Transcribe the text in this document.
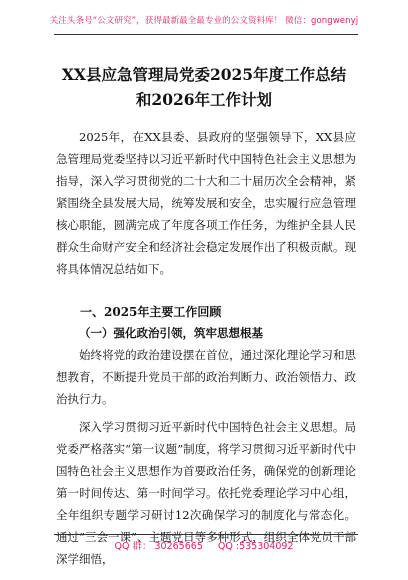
关注头条号“公文研究”，获得最新最全最专业的公文资料库！ 微信：gongwenyj
XX县应急管理局党委2025年度工作总结
和2026年工作计划
2025年，在XX县委、县政府的坚强领导下，XX县应急管理局党委坚持以习近平新时代中国特色社会主义思想为指导，深入学习贯彻党的二十大和二十届历次全会精神，紧紧围绕全县发展大局，统筹发展和安全，忠实履行应急管理核心职能，圆满完成了年度各项工作任务，为维护全县人民群众生命财产安全和经济社会稳定发展作出了积极贡献。现将具体情况总结如下。
一、2025年主要工作回顾
（一）强化政治引领，筑牢思想根基
始终将党的政治建设摆在首位，通过深化理论学习和思想教育，不断提升党员干部的政治判断力、政治领悟力、政治执行力。
深入学习贯彻习近平新时代中国特色社会主义思想。局党委严格落实“第一议题”制度，将学习贯彻习近平新时代中国特色社会主义思想作为首要政治任务，确保党的创新理论第一时间传达、第一时间学习。依托党委理论学习中心组，全年组织专题学习研讨12次确保学习的制度化与常态化。通过“三会一课”、主题党日等多种形式，组织全体党员干部深学细悟，
QQ 群： 30265665 QQ :535304092
